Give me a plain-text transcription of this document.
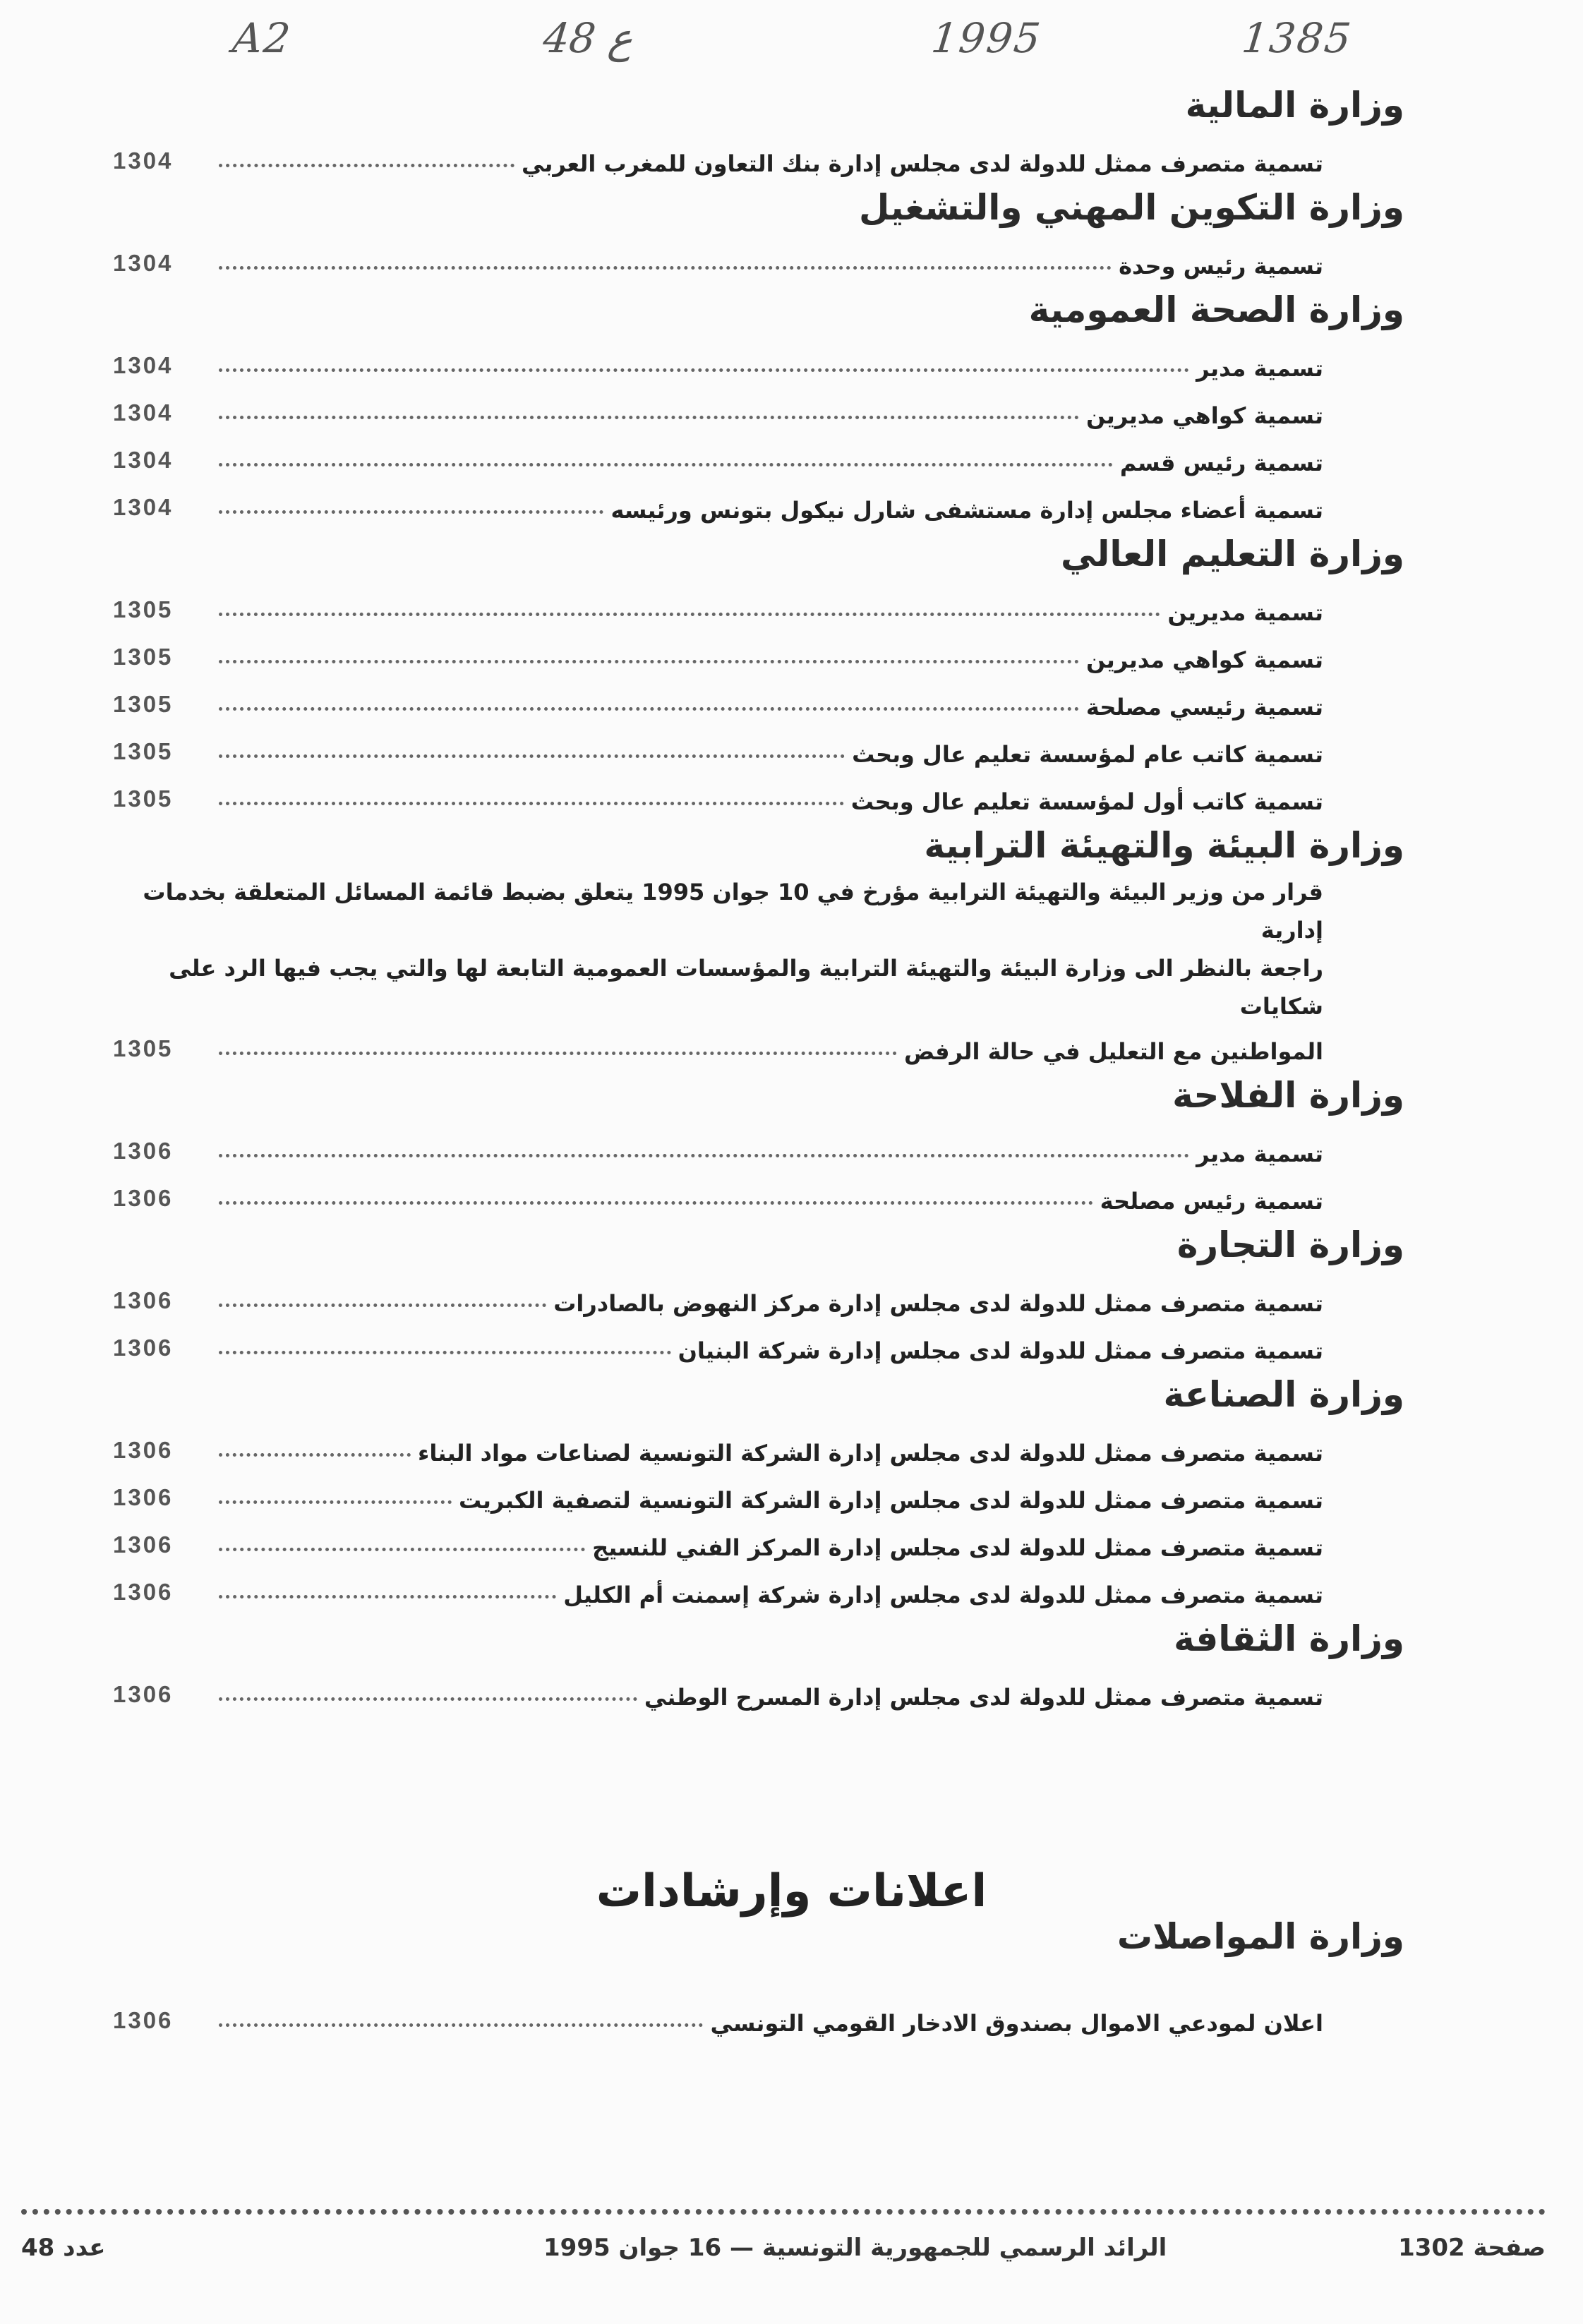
A2	48 ع	1995	1385
وزارة المالية
1304	تسمية متصرف ممثل للدولة لدى مجلس إدارة بنك التعاون للمغرب العربي
وزارة التكوين المهني والتشغيل
1304	تسمية رئيس وحدة
وزارة الصحة العمومية
1304	تسمية مدير
1304	تسمية كواهي مديرين
1304	تسمية رئيس قسم
1304	تسمية أعضاء مجلس إدارة مستشفى شارل نيكول بتونس ورئيسه
وزارة التعليم العالي
1305	تسمية مديرين
1305	تسمية كواهي مديرين
1305	تسمية رئيسي مصلحة
1305	تسمية كاتب عام لمؤسسة تعليم عال وبحث
1305	تسمية كاتب أول لمؤسسة تعليم عال وبحث
وزارة البيئة والتهيئة الترابية
قرار من وزير البيئة والتهيئة الترابية مؤرخ في 10 جوان 1995 يتعلق بضبط قائمة المسائل المتعلقة بخدمات إدارية
راجعة بالنظر الى وزارة البيئة والتهيئة الترابية والمؤسسات العمومية التابعة لها والتي يجب فيها الرد على شكايات
1305	المواطنين مع التعليل في حالة الرفض
وزارة الفلاحة
1306	تسمية مدير
1306	تسمية رئيس مصلحة
وزارة التجارة
1306	تسمية متصرف ممثل للدولة لدى مجلس إدارة مركز النهوض بالصادرات
1306	تسمية متصرف ممثل للدولة لدى مجلس إدارة شركة البنيان
وزارة الصناعة
1306	تسمية متصرف ممثل للدولة لدى مجلس إدارة الشركة التونسية لصناعات مواد البناء
1306	تسمية متصرف ممثل للدولة لدى مجلس إدارة الشركة التونسية لتصفية الكبريت
1306	تسمية متصرف ممثل للدولة لدى مجلس إدارة المركز الفني للنسيج
1306	تسمية متصرف ممثل للدولة لدى مجلس إدارة شركة إسمنت أم الكليل
وزارة الثقافة
1306	تسمية متصرف ممثل للدولة لدى مجلس إدارة المسرح الوطني
اعلانات وإرشادات
وزارة المواصلات
1306	اعلان لمودعي الاموال بصندوق الادخار القومي التونسي
عدد 48	الرائد الرسمي للجمهورية التونسية — 16 جوان 1995	صفحة 1302
